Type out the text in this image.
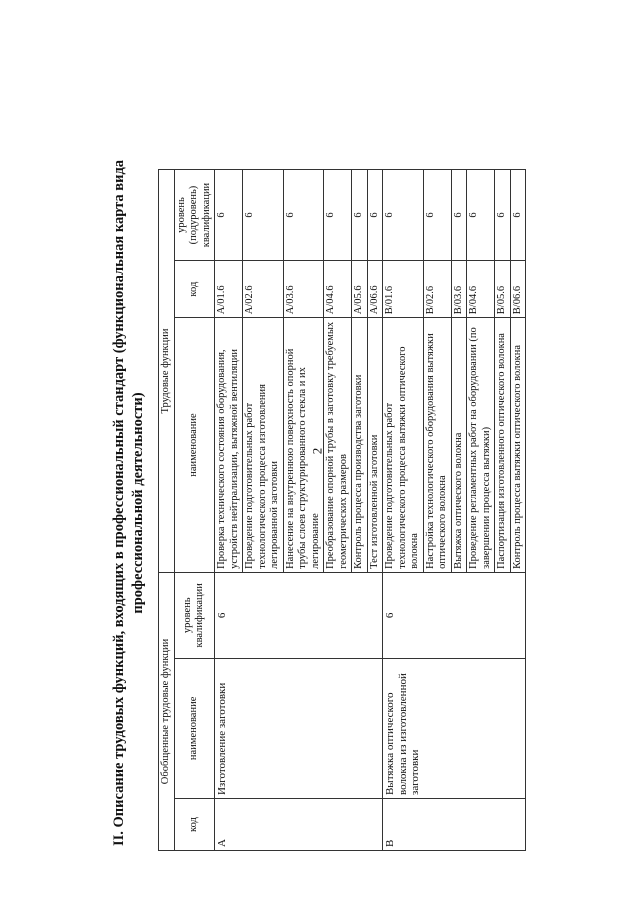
2
II. Описание трудовых функций, входящих в профессиональный стандарт (функциональная карта вида профессиональной деятельности)
Обобщенные трудовые функции			Трудовые функции		
код	наименование	уровень квалификации	наименование	код	уровень (подуровень) квалификации
A	Изготовление заготовки	6	Проверка технического состояния оборудования, устройств нейтрализации, вытяжной вентиляции	A/01.6	6
			Проведение подготовительных работ технологического процесса изготовления легированной заготовки	A/02.6	6
			Нанесение на внутреннюю поверхность опорной трубы слоев структурированного стекла и их легирование	A/03.6	6
			Преобразование опорной трубы в заготовку требуемых геометрических размеров	A/04.6	6
			Контроль процесса производства заготовки	A/05.6	6
			Тест изготовленной заготовки	A/06.6	6
B	Вытяжка оптического волокна из изготовленной заготовки	6	Проведение подготовительных работ технологического процесса вытяжки оптического волокна	B/01.6	6
			Настройка технологического оборудования вытяжки оптического волокна	B/02.6	6
			Вытяжка оптического волокна	B/03.6	6
			Проведение регламентных работ на оборудовании (по завершении процесса вытяжки)	B/04.6	6
			Паспортизация изготовленного оптического волокна	B/05.6	6
			Контроль процесса вытяжки оптического волокна	B/06.6	6
